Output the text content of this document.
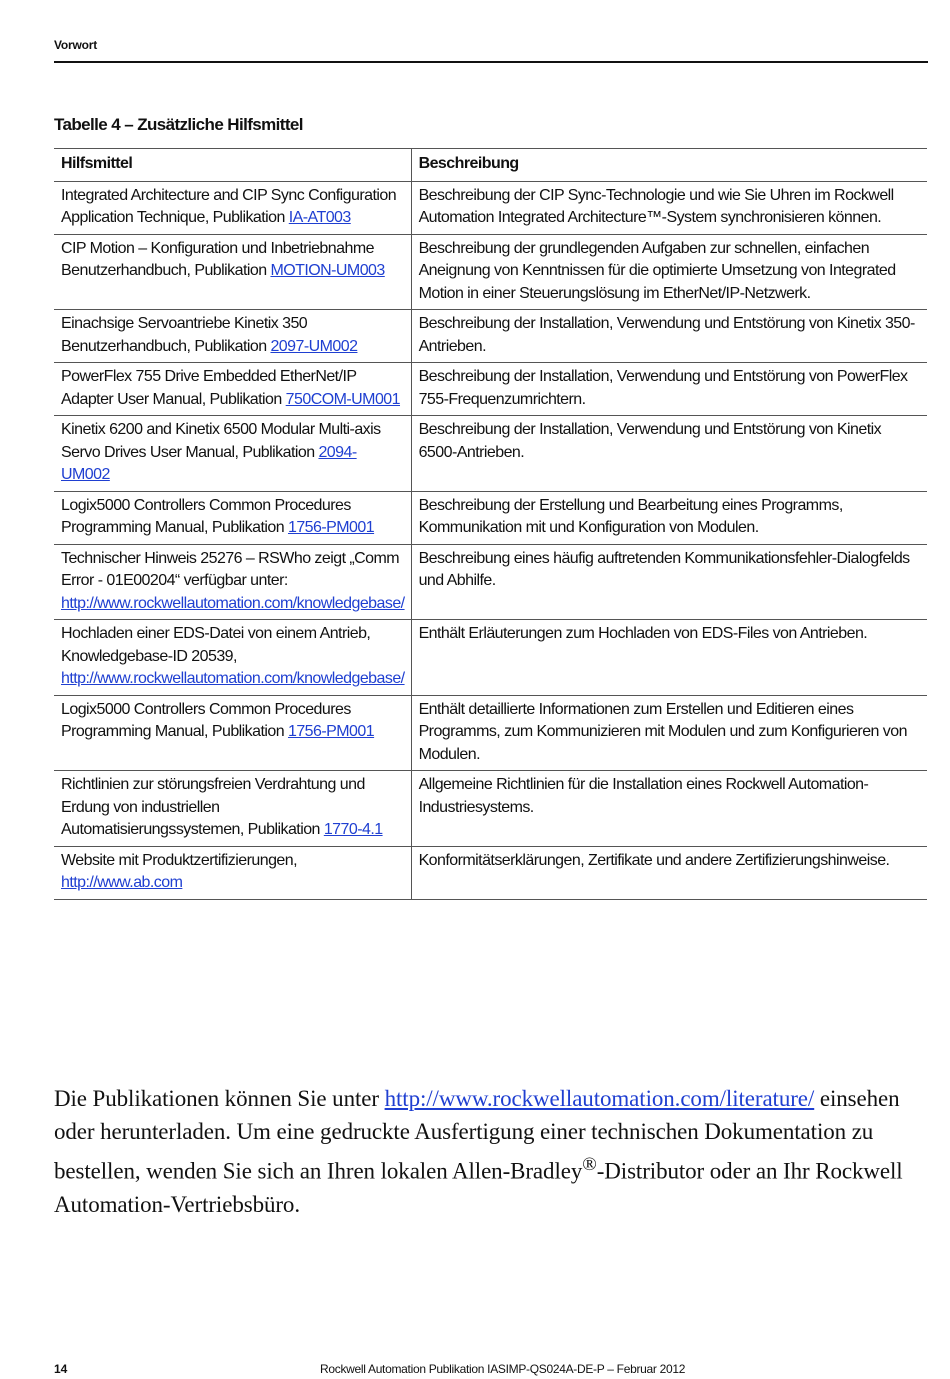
Vorwort
Tabelle 4 – Zusätzliche Hilfsmittel
Hilfsmittel	Beschreibung
Integrated Architecture and CIP Sync Configuration Application Technique, Publikation IA-AT003	Beschreibung der CIP Sync-Technologie und wie Sie Uhren im Rockwell Automation Integrated Architecture™-System synchronisieren können.
CIP Motion – Konfiguration und Inbetriebnahme Benutzerhandbuch, Publikation MOTION-UM003	Beschreibung der grundlegenden Aufgaben zur schnellen, einfachen Aneignung von Kenntnissen für die optimierte Umsetzung von Integrated Motion in einer Steuerungslösung im EtherNet/IP-Netzwerk.
Einachsige Servoantriebe Kinetix 350 Benutzerhandbuch, Publikation 2097-UM002	Beschreibung der Installation, Verwendung und Entstörung von Kinetix 350-Antrieben.
PowerFlex 755 Drive Embedded EtherNet/IP Adapter User Manual, Publikation 750COM-UM001	Beschreibung der Installation, Verwendung und Entstörung von PowerFlex 755-Frequenzumrichtern.
Kinetix 6200 and Kinetix 6500 Modular Multi-axis Servo Drives User Manual, Publikation 2094-UM002	Beschreibung der Installation, Verwendung und Entstörung von Kinetix 6500-Antrieben.
Logix5000 Controllers Common Procedures Programming Manual, Publikation 1756-PM001	Beschreibung der Erstellung und Bearbeitung eines Programms, Kommunikation mit und Konfiguration von Modulen.
Technischer Hinweis 25276 – RSWho zeigt „Comm Error - 01E00204“ verfügbar unter: http://www.rockwellautomation.com/knowledgebase/	Beschreibung eines häufig auftretenden Kommunikationsfehler-Dialogfelds und Abhilfe.
Hochladen einer EDS-Datei von einem Antrieb, Knowledgebase-ID 20539, http://www.rockwellautomation.com/knowledgebase/	Enthält Erläuterungen zum Hochladen von EDS-Files von Antrieben.
Logix5000 Controllers Common Procedures Programming Manual, Publikation 1756-PM001	Enthält detaillierte Informationen zum Erstellen und Editieren eines Programms, zum Kommunizieren mit Modulen und zum Konfigurieren von Modulen.
Richtlinien zur störungsfreien Verdrahtung und Erdung von industriellen Automatisierungssystemen, Publikation 1770-4.1	Allgemeine Richtlinien für die Installation eines Rockwell Automation-Industriesystems.
Website mit Produktzertifizierungen, http://www.ab.com	Konformitätserklärungen, Zertifikate und andere Zertifizierungshinweise.

Die Publikationen können Sie unter http://www.rockwellautomation.com/literature/ einsehen oder herunterladen. Um eine gedruckte Ausfertigung einer technischen Dokumentation zu bestellen, wenden Sie sich an Ihren lokalen Allen-Bradley®-Distributor oder an Ihr Rockwell Automation-Vertriebsbüro.

14	Rockwell Automation Publikation IASIMP-QS024A-DE-P – Februar 2012
